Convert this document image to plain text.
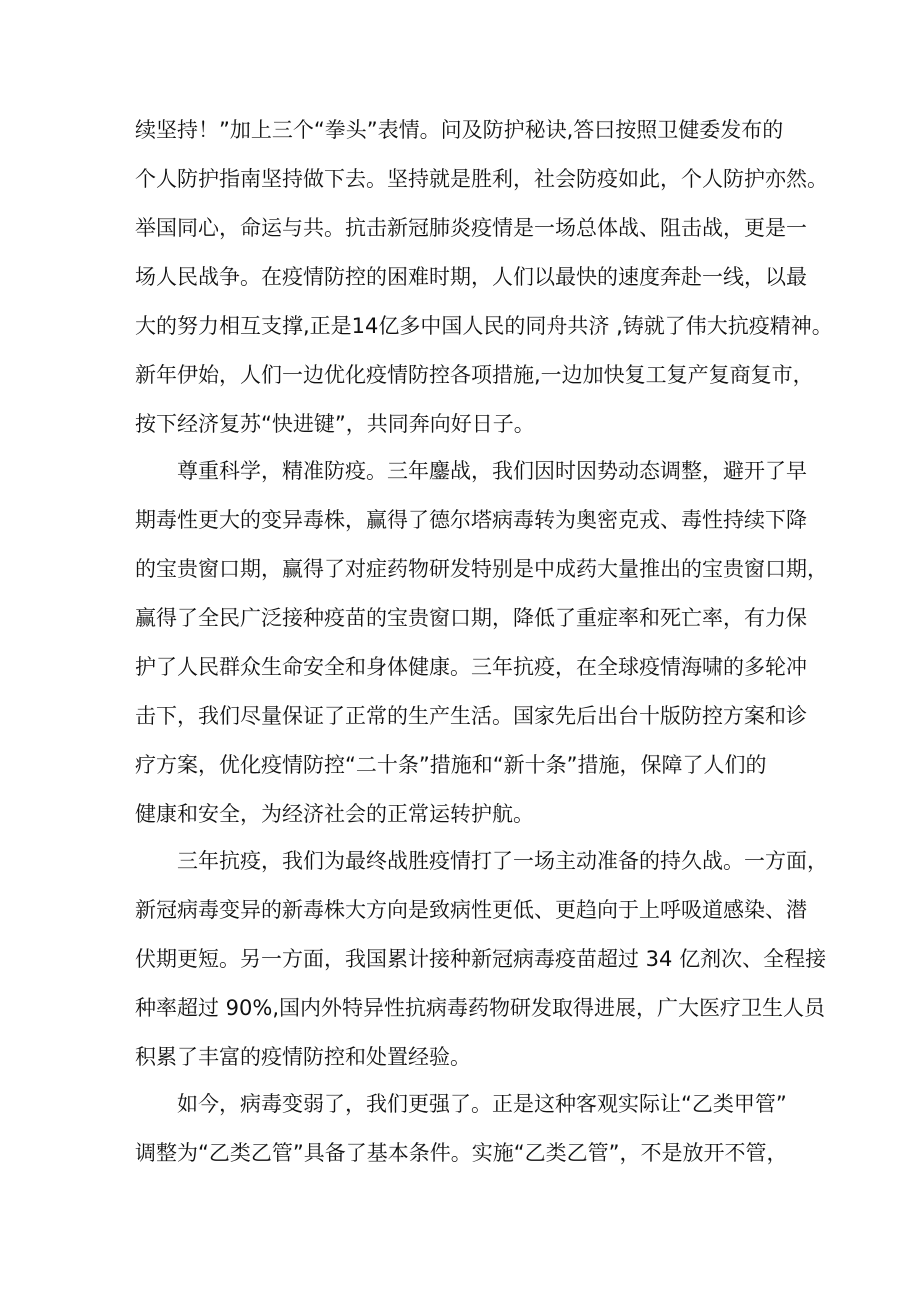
续坚持！”加上三个“拳头”表情。问及防护秘诀,答曰按照卫健委发布的
个人防护指南坚持做下去。坚持就是胜利，社会防疫如此，个人防护亦然。
举国同心，命运与共。抗击新冠肺炎疫情是一场总体战、阻击战，更是一
场人民战争。在疫情防控的困难时期，人们以最快的速度奔赴一线，以最
大的努力相互支撑,正是14亿多中国人民的同舟共济 ,铸就了伟大抗疫精神。
新年伊始，人们一边优化疫情防控各项措施,一边加快复工复产复商复市，
按下经济复苏“快进键”，共同奔向好日子。
尊重科学，精准防疫。三年鏖战，我们因时因势动态调整，避开了早
期毒性更大的变异毒株，赢得了德尔塔病毒转为奥密克戎、毒性持续下降
的宝贵窗口期，赢得了对症药物研发特别是中成药大量推出的宝贵窗口期，
赢得了全民广泛接种疫苗的宝贵窗口期，降低了重症率和死亡率，有力保
护了人民群众生命安全和身体健康。三年抗疫，在全球疫情海啸的多轮冲
击下，我们尽量保证了正常的生产生活。国家先后出台十版防控方案和诊
疗方案，优化疫情防控“二十条”措施和“新十条”措施，保障了人们的
健康和安全，为经济社会的正常运转护航。
三年抗疫，我们为最终战胜疫情打了一场主动准备的持久战。一方面，
新冠病毒变异的新毒株大方向是致病性更低、更趋向于上呼吸道感染、潜
伏期更短。另一方面，我国累计接种新冠病毒疫苗超过 34 亿剂次、全程接
种率超过 90%,国内外特异性抗病毒药物研发取得进展，广大医疗卫生人员
积累了丰富的疫情防控和处置经验。
如今，病毒变弱了，我们更强了。正是这种客观实际让“乙类甲管”
调整为“乙类乙管”具备了基本条件。实施“乙类乙管”，不是放开不管，
